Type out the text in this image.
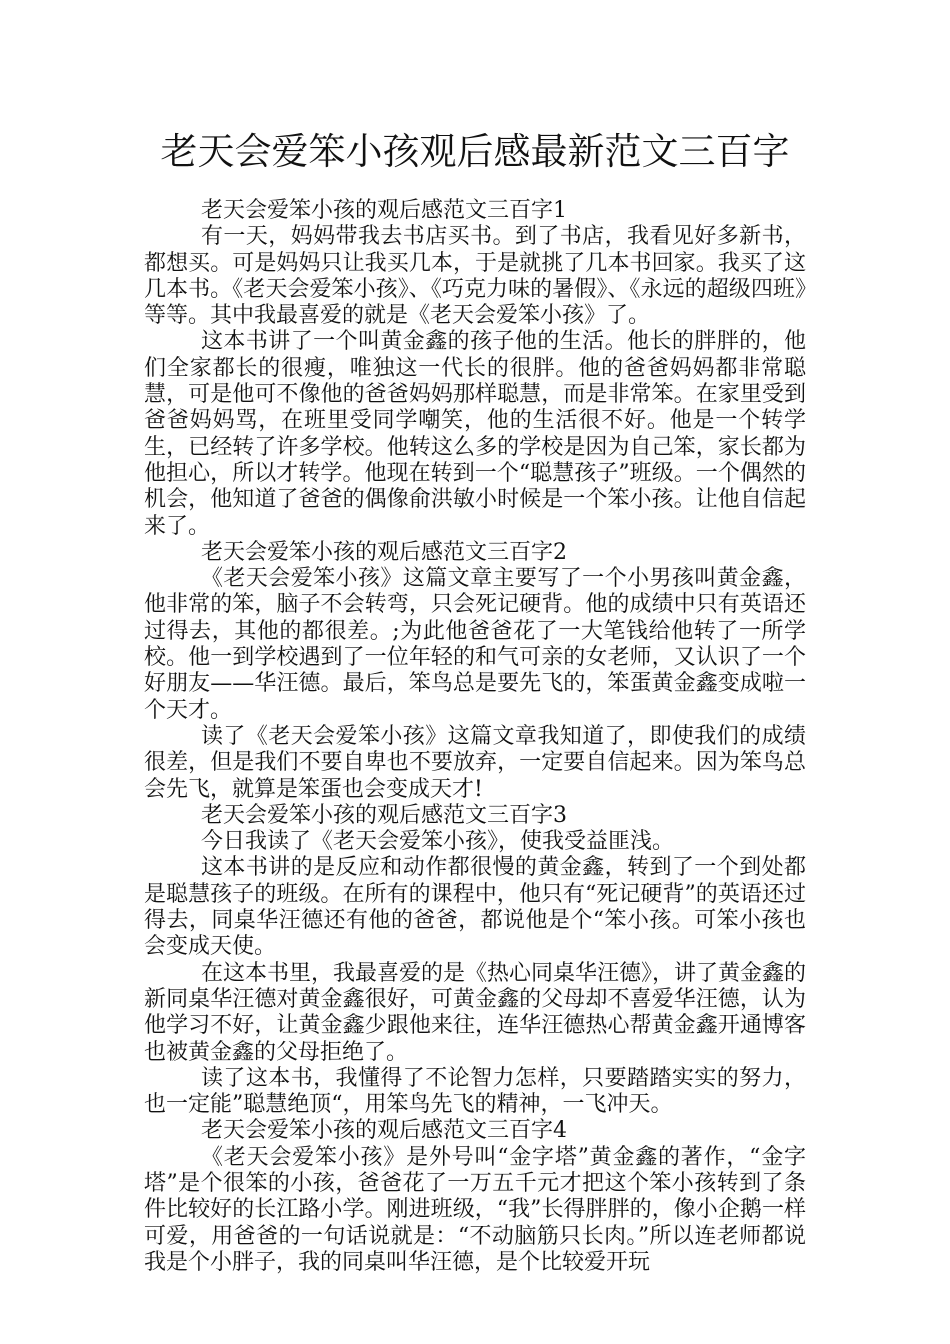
老天会爱笨小孩观后感最新范文三百字

老天会爱笨小孩的观后感范文三百字1

有一天，妈妈带我去书店买书。到了书店，我看见好多新书，都想买。可是妈妈只让我买几本，于是就挑了几本书回家。我买了这几本书。《老天会爱笨小孩》、《巧克力味的暑假》、《永远的超级四班》等等。其中我最喜爱的就是《老天会爱笨小孩》了。

这本书讲了一个叫黄金鑫的孩子他的生活。他长的胖胖的，他们全家都长的很瘦，唯独这一代长的很胖。他的爸爸妈妈都非常聪慧，可是他可不像他的爸爸妈妈那样聪慧，而是非常笨。在家里受到爸爸妈妈骂，在班里受同学嘲笑，他的生活很不好。他是一个转学生，已经转了许多学校。他转这么多的学校是因为自己笨，家长都为他担心，所以才转学。他现在转到一个“聪慧孩子”班级。一个偶然的机会，他知道了爸爸的偶像俞洪敏小时候是一个笨小孩。让他自信起来了。

老天会爱笨小孩的观后感范文三百字2

《老天会爱笨小孩》这篇文章主要写了一个小男孩叫黄金鑫，他非常的笨，脑子不会转弯，只会死记硬背。他的成绩中只有英语还过得去，其他的都很差。;为此他爸爸花了一大笔钱给他转了一所学校。他一到学校遇到了一位年轻的和气可亲的女老师，又认识了一个好朋友——华汪德。最后，笨鸟总是要先飞的，笨蛋黄金鑫变成啦一个天才。

读了《老天会爱笨小孩》这篇文章我知道了，即使我们的成绩很差，但是我们不要自卑也不要放弃，一定要自信起来。因为笨鸟总会先飞，就算是笨蛋也会变成天才!

老天会爱笨小孩的观后感范文三百字3

今日我读了《老天会爱笨小孩》，使我受益匪浅。

这本书讲的是反应和动作都很慢的黄金鑫，转到了一个到处都是聪慧孩子的班级。在所有的课程中，他只有“死记硬背”的英语还过得去，同桌华汪德还有他的爸爸，都说他是个“笨小孩。可笨小孩也会变成天使。

在这本书里，我最喜爱的是《热心同桌华汪德》，讲了黄金鑫的新同桌华汪德对黄金鑫很好，可黄金鑫的父母却不喜爱华汪德，认为他学习不好，让黄金鑫少跟他来往，连华汪德热心帮黄金鑫开通博客也被黄金鑫的父母拒绝了。

读了这本书，我懂得了不论智力怎样，只要踏踏实实的努力，也一定能”聪慧绝顶“，用笨鸟先飞的精神，一飞冲天。

老天会爱笨小孩的观后感范文三百字4

《老天会爱笨小孩》是外号叫“金字塔”黄金鑫的著作，“金字塔”是个很笨的小孩，爸爸花了一万五千元才把这个笨小孩转到了条件比较好的长江路小学。刚进班级，“我”长得胖胖的，像小企鹅一样可爱，用爸爸的一句话说就是：“不动脑筋只长肉。”所以连老师都说我是个小胖子，我的同桌叫华汪德，是个比较爱开玩
